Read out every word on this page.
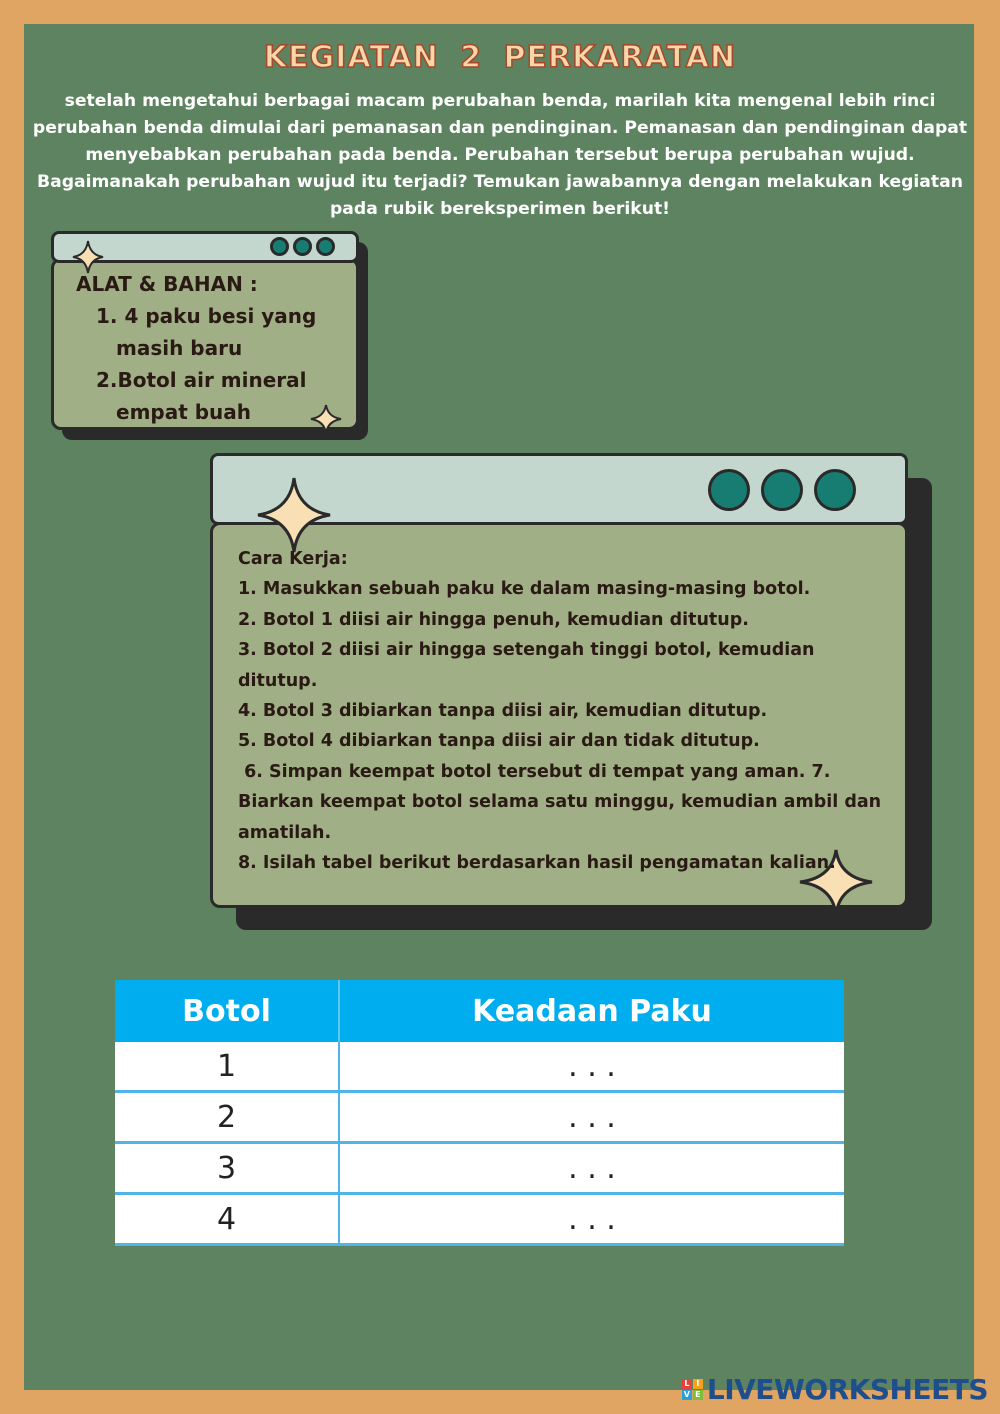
KEGIATAN 2 PERKARATAN

setelah mengetahui berbagai macam perubahan benda, marilah kita mengenal lebih rinci

perubahan benda dimulai dari pemanasan dan pendinginan. Pemanasan dan pendinginan dapat

menyebabkan perubahan pada benda. Perubahan tersebut berupa perubahan wujud.

Bagaimanakah perubahan wujud itu terjadi? Temukan jawabannya dengan melakukan kegiatan

pada rubik bereksperimen berikut!

ALAT & BAHAN :
1. 4 paku besi yang
masih baru
2.Botol air mineral
empat buah
Cara Kerja:
1. Masukkan sebuah paku ke dalam masing-masing botol.
2. Botol 1 diisi air hingga penuh, kemudian ditutup.
3. Botol 2 diisi air hingga setengah tinggi botol, kemudian
ditutup.
4. Botol 3 dibiarkan tanpa diisi air, kemudian ditutup.
5. Botol 4 dibiarkan tanpa diisi air dan tidak ditutup.
6. Simpan keempat botol tersebut di tempat yang aman. 7.
Biarkan keempat botol selama satu minggu, kemudian ambil dan
amatilah.
8. Isilah tabel berikut berdasarkan hasil pengamatan kalian.
Botol	Keadaan Paku
1	. . .
2	. . .
3	. . .
4	. . .
L I
V E LIVEWORKSHEETS
